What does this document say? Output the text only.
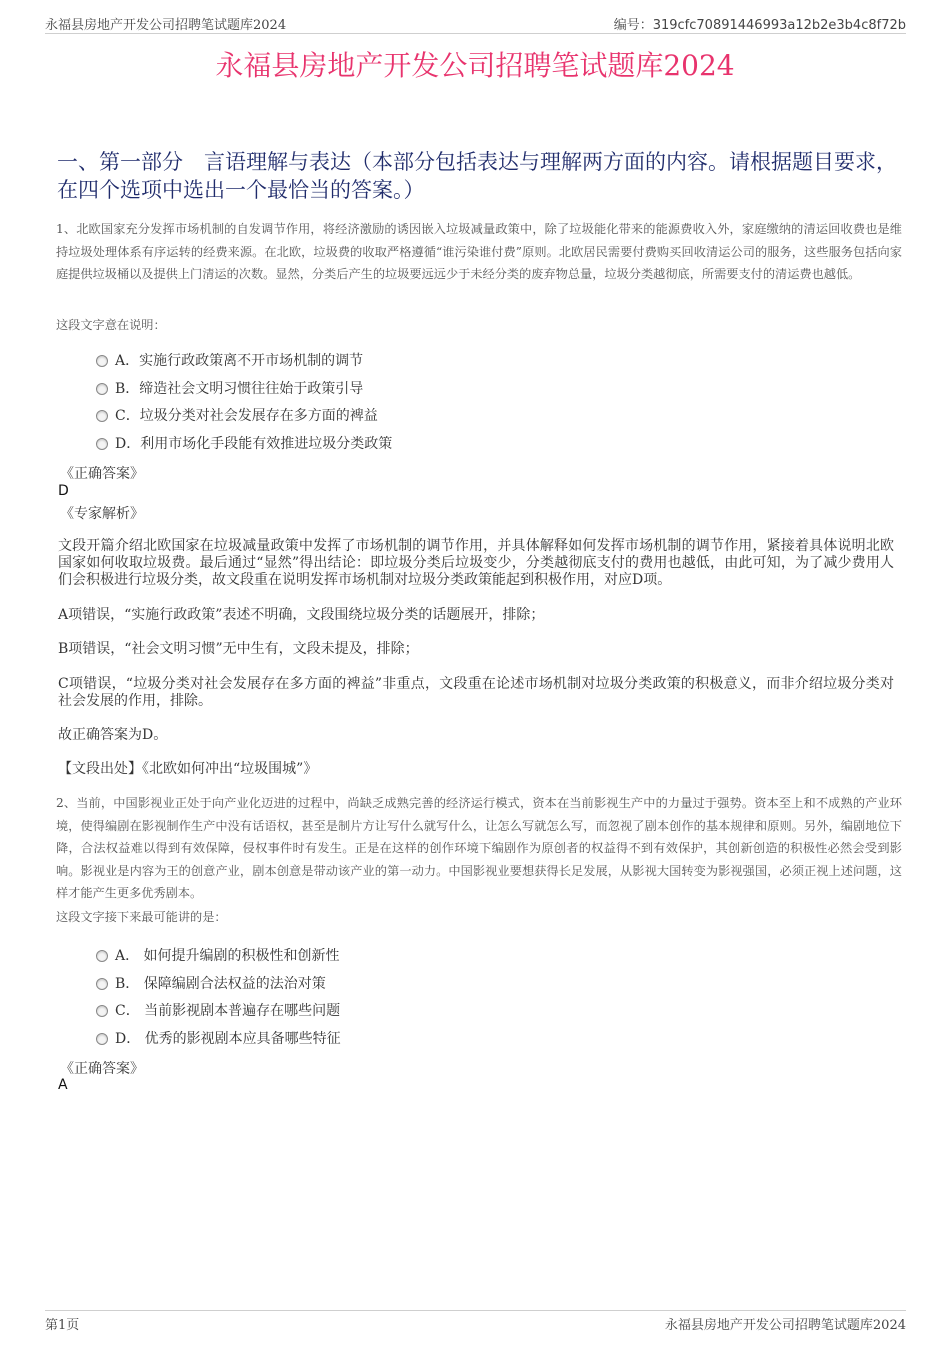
永福县房地产开发公司招聘笔试题库2024	编号：319cfc70891446993a12b2e3b4c8f72b
永福县房地产开发公司招聘笔试题库2024
一、第一部分　言语理解与表达（本部分包括表达与理解两方面的内容。请根据题目要求，在四个选项中选出一个最恰当的答案。）
1、北欧国家充分发挥市场机制的自发调节作用，将经济激励的诱因嵌入垃圾减量政策中，除了垃圾能化带来的能源费收入外，家庭缴纳的清运回收费也是维持垃圾处理体系有序运转的经费来源。在北欧，垃圾费的收取严格遵循“谁污染谁付费”原则。北欧居民需要付费购买回收清运公司的服务，这些服务包括向家庭提供垃圾桶以及提供上门清运的次数。显然，分类后产生的垃圾要远远少于未经分类的废弃物总量，垃圾分类越彻底，所需要支付的清运费也越低。
这段文字意在说明：
A．实施行政政策离不开市场机制的调节
B．缔造社会文明习惯往往始于政策引导
C．垃圾分类对社会发展存在多方面的裨益
D．利用市场化手段能有效推进垃圾分类政策
《正确答案》
D
《专家解析》
文段开篇介绍北欧国家在垃圾减量政策中发挥了市场机制的调节作用，并具体解释如何发挥市场机制的调节作用，紧接着具体说明北欧国家如何收取垃圾费。最后通过“显然”得出结论：即垃圾分类后垃圾变少，分类越彻底支付的费用也越低，由此可知，为了减少费用人们会积极进行垃圾分类，故文段重在说明发挥市场机制对垃圾分类政策能起到积极作用，对应D项。
A项错误，“实施行政政策”表述不明确，文段围绕垃圾分类的话题展开，排除；
B项错误，“社会文明习惯”无中生有，文段未提及，排除；
C项错误，“垃圾分类对社会发展存在多方面的裨益”非重点，文段重在论述市场机制对垃圾分类政策的积极意义，而非介绍垃圾分类对社会发展的作用，排除。
故正确答案为D。
【文段出处】《北欧如何冲出“垃圾围城”》
2、当前，中国影视业正处于向产业化迈进的过程中，尚缺乏成熟完善的经济运行模式，资本在当前影视生产中的力量过于强势。资本至上和不成熟的产业环境，使得编剧在影视制作生产中没有话语权，甚至是制片方让写什么就写什么，让怎么写就怎么写，而忽视了剧本创作的基本规律和原则。另外，编剧地位下降，合法权益难以得到有效保障，侵权事件时有发生。正是在这样的创作环境下编剧作为原创者的权益得不到有效保护，其创新创造的积极性必然会受到影响。影视业是内容为王的创意产业，剧本创意是带动该产业的第一动力。中国影视业要想获得长足发展，从影视大国转变为影视强国，必须正视上述问题，这样才能产生更多优秀剧本。
这段文字接下来最可能讲的是：
A． 如何提升编剧的积极性和创新性
B． 保障编剧合法权益的法治对策
C． 当前影视剧本普遍存在哪些问题
D． 优秀的影视剧本应具备哪些特征
《正确答案》
A
第1页	永福县房地产开发公司招聘笔试题库2024
